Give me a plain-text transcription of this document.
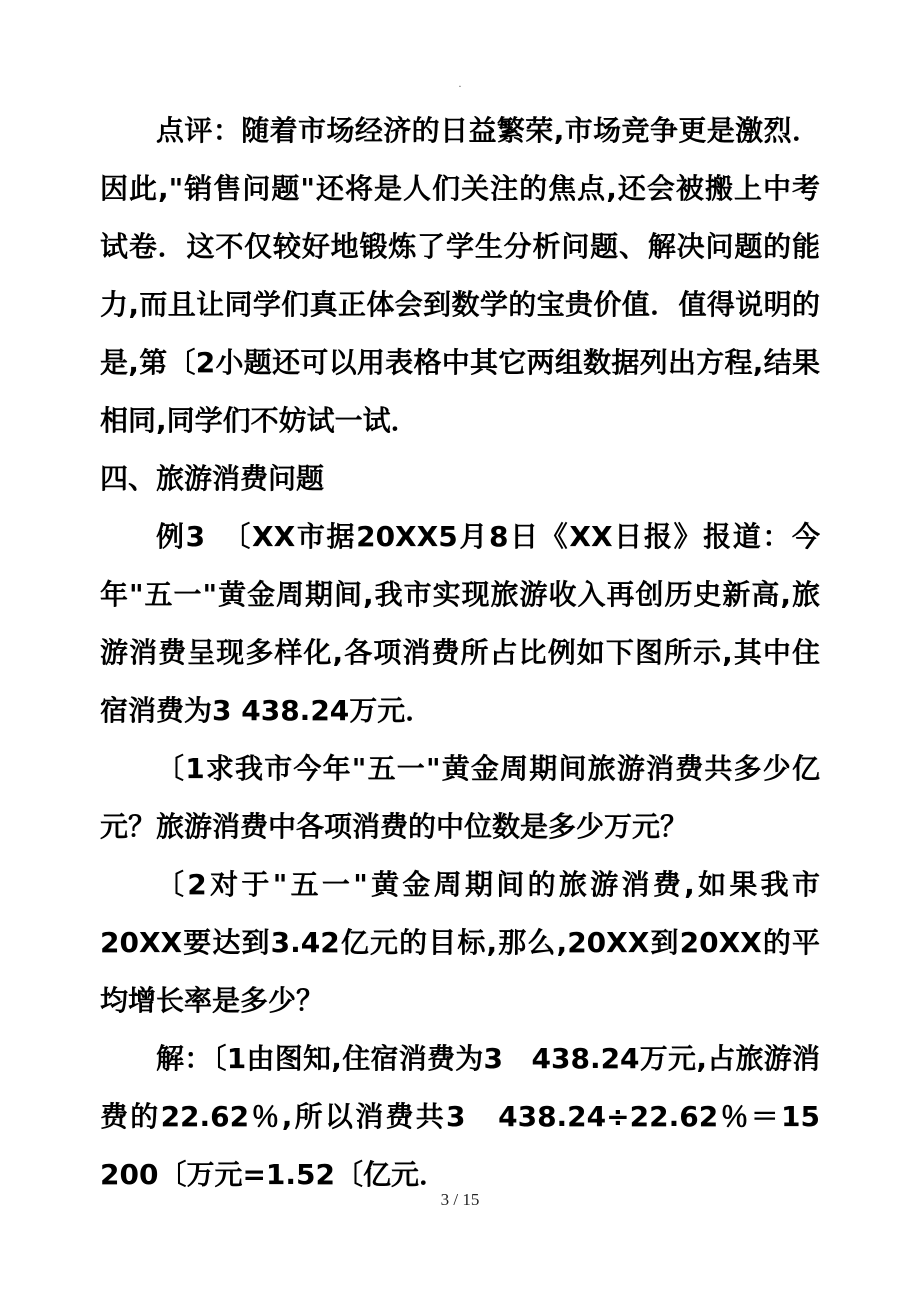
.

点评：随着市场经济的日益繁荣,市场竞争更是激烈．因此,"销售问题"还将是人们关注的焦点,还会被搬上中考试卷．这不仅较好地锻炼了学生分析问题、解决问题的能力,而且让同学们真正体会到数学的宝贵价值．值得说明的是,第〔2小题还可以用表格中其它两组数据列出方程,结果相同,同学们不妨试一试．

四、旅游消费问题

例3　〔XX市据20XX5月8日《XX日报》报道：今年"五一"黄金周期间,我市实现旅游收入再创历史新高,旅游消费呈现多样化,各项消费所占比例如下图所示,其中住宿消费为3 438.24万元．

〔1求我市今年"五一"黄金周期间旅游消费共多少亿元？旅游消费中各项消费的中位数是多少万元？

〔2对于"五一"黄金周期间的旅游消费,如果我市20XX要达到3.42亿元的目标,那么,20XX到20XX的平均增长率是多少？

解：〔1由图知,住宿消费为3　438.24万元,占旅游消费的22.62％,所以消费共3　438.24÷22.62％＝15　200〔万元=1.52〔亿元．

3 / 15
